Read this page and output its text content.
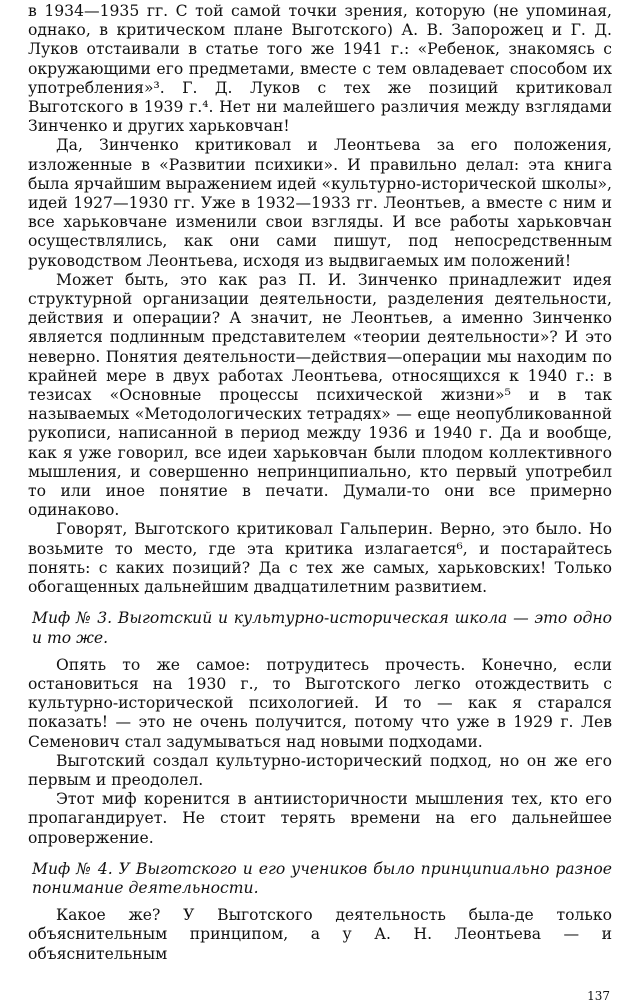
в 1934—1935 гг. С той самой точки зрения, которую (не упоминая, однако, в критическом плане Выготского) А. В. Запорожец и Г. Д. Луков отстаивали в статье того же 1941 г.: «Ребенок, знакомясь с окружающими его предметами, вместе с тем овладевает способом их употребления»³. Г. Д. Луков с тех же позиций критиковал Выготского в 1939 г.⁴. Нет ни малейшего различия между взглядами Зинченко и других харьковчан!

Да, Зинченко критиковал и Леонтьева за его положения, изложенные в «Развитии психики». И правильно делал: эта книга была ярчайшим выражением идей «культурно-исторической школы», идей 1927—1930 гг. Уже в 1932—1933 гг. Леонтьев, а вместе с ним и все харьковчане изменили свои взгляды. И все работы харьковчан осуществлялись, как они сами пишут, под непосредственным руководством Леонтьева, исходя из выдвигаемых им положений!

Может быть, это как раз П. И. Зинченко принадлежит идея структурной организации деятельности, разделения деятельности, действия и операции? А значит, не Леонтьев, а именно Зинченко является подлинным представителем «теории деятельности»? И это неверно. Понятия деятельности—действия—операции мы находим по крайней мере в двух работах Леонтьева, относящихся к 1940 г.: в тезисах «Основные процессы психической жизни»⁵ и в так называемых «Методологических тетрадях» — еще неопубликованной рукописи, написанной в период между 1936 и 1940 г. Да и вообще, как я уже говорил, все идеи харьковчан были плодом коллективного мышления, и совершенно непринципиально, кто первый употребил то или иное понятие в печати. Думали-то они все примерно одинаково.

Говорят, Выготского критиковал Гальперин. Верно, это было. Но возьмите то место, где эта критика излагается⁶, и постарайтесь понять: с каких позиций? Да с тех же самых, харьковских! Только обогащенных дальнейшим двадцатилетним развитием.

Миф № 3. Выготский и культурно-историческая школа — это одно и то же.

Опять то же самое: потрудитесь прочесть. Конечно, если остановиться на 1930 г., то Выготского легко отождествить с культурно-исторической психологией. И то — как я старался показать! — это не очень получится, потому что уже в 1929 г. Лев Семенович стал задумываться над новыми подходами.

Выготский создал культурно-исторический подход, но он же его первым и преодолел.

Этот миф коренится в антиисторичности мышления тех, кто его пропагандирует. Не стоит терять времени на его дальнейшее опровержение.

Миф № 4. У Выготского и его учеников было принципиально разное понимание деятельности.

Какое же? У Выготского деятельность была-де только объяснительным принципом, а у А. Н. Леонтьева — и объяснительным

137
